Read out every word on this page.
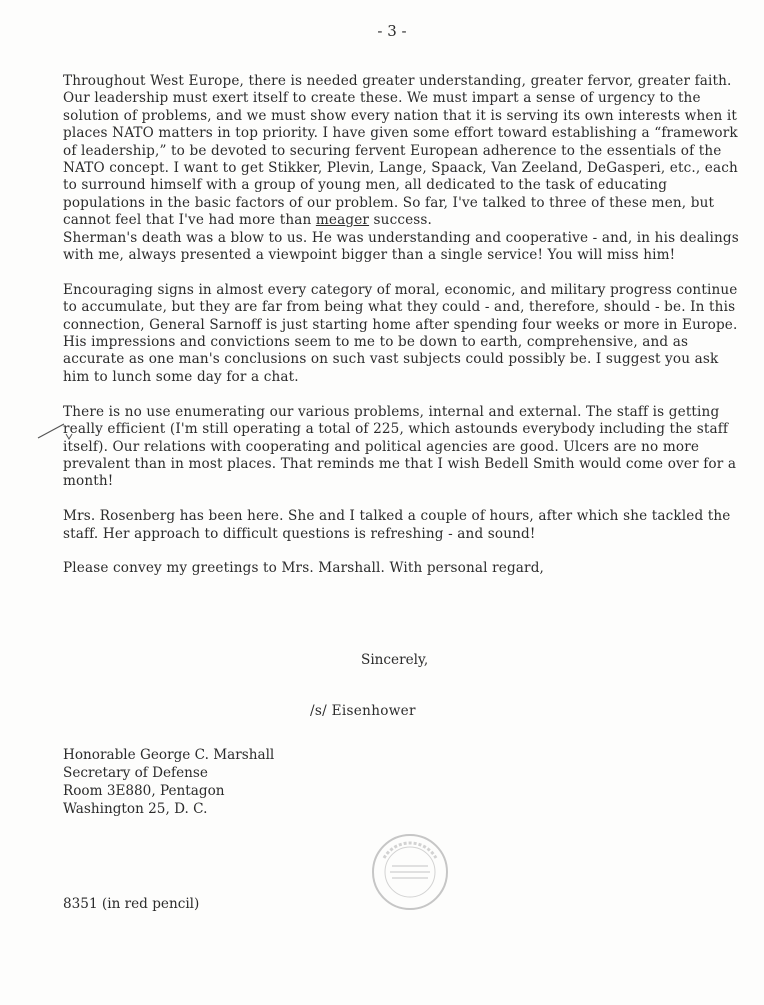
- 3 -

Throughout West Europe, there is needed greater understanding, greater fervor, greater faith. Our leadership must exert itself to create these. We must impart a sense of urgency to the solution of problems, and we must show every nation that it is serving its own interests when it places NATO matters in top priority. I have given some effort toward establishing a “framework of leadership,” to be devoted to securing fervent European adherence to the essentials of the NATO concept. I want to get Stikker, Plevin, Lange, Spaack, Van Zeeland, DeGasperi, etc., each to surround himself with a group of young men, all dedicated to the task of educating populations in the basic factors of our problem. So far, I've talked to three of these men, but cannot feel that I've had more than meager success.

Sherman's death was a blow to us. He was understanding and cooperative - and, in his dealings with me, always presented a viewpoint bigger than a single service! You will miss him!

Encouraging signs in almost every category of moral, economic, and military progress continue to accumulate, but they are far from being what they could - and, therefore, should - be. In this connection, General Sarnoff is just starting home after spending four weeks or more in Europe. His impressions and convictions seem to me to be down to earth, comprehensive, and as accurate as one man's conclusions on such vast subjects could possibly be. I suggest you ask him to lunch some day for a chat.

There is no use enumerating our various problems, internal and external. The staff is getting really efficient (I'm still operating a total of 225, which astounds everybody including the staff itself). Our relations with cooperating and political agencies are good. Ulcers are no more prevalent than in most places. That reminds me that I wish Bedell Smith would come over for a month!

Mrs. Rosenberg has been here. She and I talked a couple of hours, after which she tackled the staff. Her approach to difficult questions is refreshing - and sound!

Please convey my greetings to Mrs. Marshall. With personal regard,

Sincerely,
/s/ Eisenhower
Honorable George C. Marshall
Secretary of Defense
Room 3E880, Pentagon
Washington 25, D. C.
8351 (in red pencil)
